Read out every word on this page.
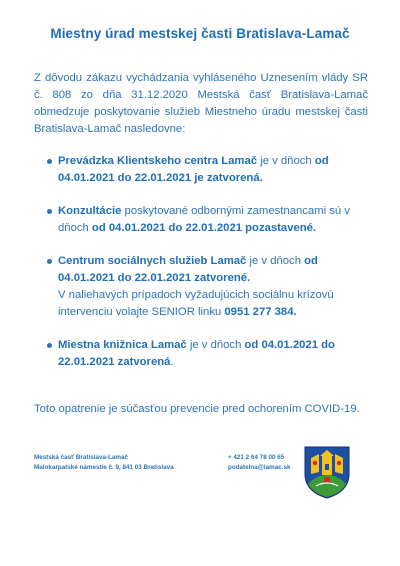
Miestny úrad mestskej časti Bratislava-Lamač
Z dôvodu zákazu vychádzania vyhláseného Uznesením vlády SR č. 808 zo dňa 31.12.2020 Mestská časť Bratislava-Lamač obmedzuje poskytovanie služieb Miestneho úradu mestskej časti Bratislava-Lamač nasledovne:
Prevádzka Klientskeho centra Lamač je v dňoch od 04.01.2021 do 22.01.2021 je zatvorená.
Konzultácie poskytované odbornými zamestnancami sú v dňoch od 04.01.2021 do 22.01.2021 pozastavené.
Centrum sociálnych služieb Lamač je v dňoch od 04.01.2021 do 22.01.2021 zatvorené.
V naliehavých prípadoch vyžadujúcich sociálnu krízovú intervenciu volajte SENIOR linku 0951 277 384.
Miestna knižnica Lamač je v dňoch od 04.01.2021 do 22.01.2021 zatvorená.
Toto opatrenie je súčasťou prevencie pred ochorením COVID-19.
Mestská časť Bratislava-Lamač
Malokarpatské námestie č. 9, 841 03 Bratislava
+ 421 2 64 78 00 65
podatelna@lamac.sk
